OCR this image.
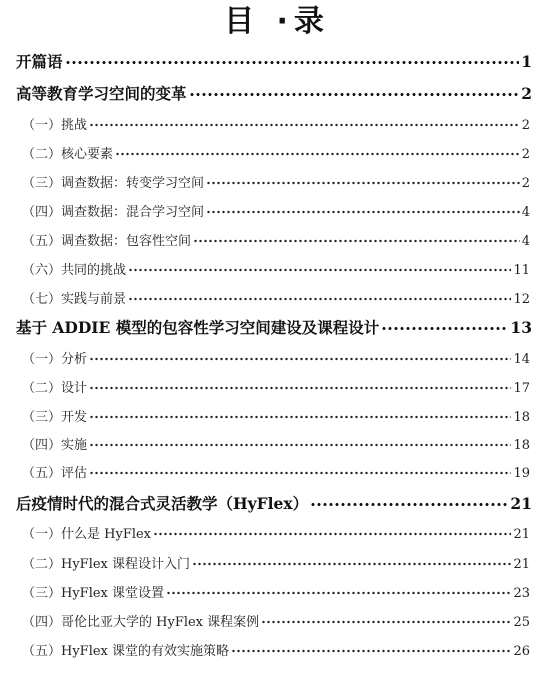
目 ·录
开篇语	1
高等教育学习空间的变革	2
（一）挑战	2
（二）核心要素	2
（三）调查数据：转变学习空间	2
（四）调查数据：混合学习空间	4
（五）调查数据：包容性空间	4
（六）共同的挑战	11
（七）实践与前景	12
基于 ADDIE 模型的包容性学习空间建设及课程设计	13
（一）分析	14
（二）设计	17
（三）开发	18
（四）实施	18
（五）评估	19
后疫情时代的混合式灵活教学（HyFlex）	21
（一）什么是 HyFlex	21
（二）HyFlex 课程设计入门	21
（三）HyFlex 课堂设置	23
（四）哥伦比亚大学的 HyFlex 课程案例	25
（五）HyFlex 课堂的有效实施策略	26
